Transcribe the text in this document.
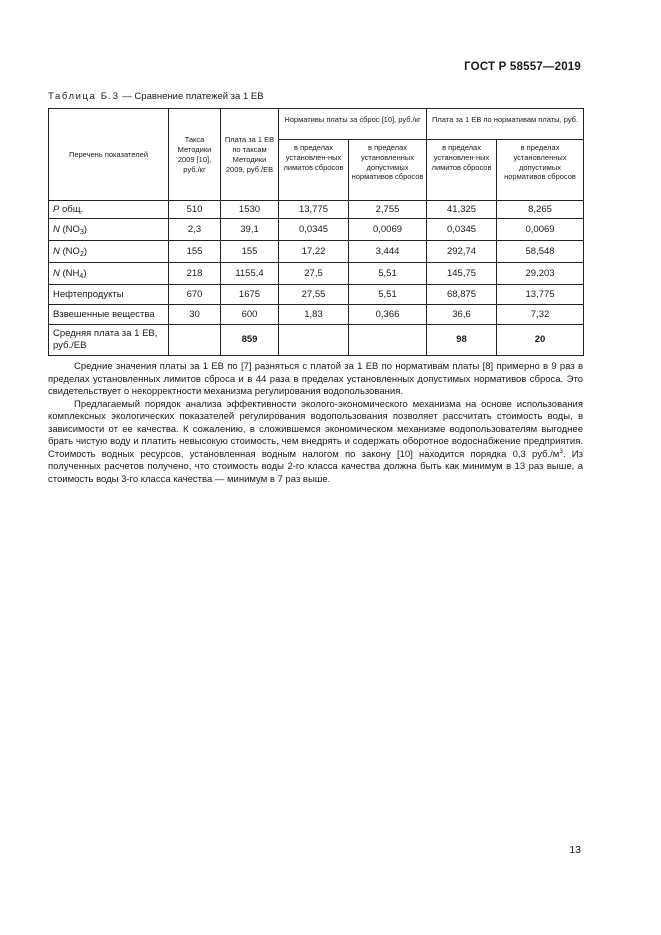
ГОСТ Р 58557—2019
Таблица Б.3 — Сравнение платежей за 1 ЕВ
Перечень показателей	Такса Методики 2009 [10], руб./кг	Плата за 1 ЕВ по таксам Методики 2009, руб./ЕВ	Нормативы платы за сброс [10], руб./кг		Плата за 1 ЕВ по нормативам платы, руб.	
			в пределах установлен-ных лимитов сбросов	в пределах установленных допустимых нормативов сбросов	в пределах установлен-ных лимитов сбросов	в пределах установленных допустимых нормативов сбросов
P общ.	510	1530	13,775	2,755	41,325	8,265
N $(NO_3)$	2,3	39,1	0,0345	0,0069	0,0345	0,0069
N $(NO_2)$	155	155	17,22	3,444	292,74	58,548
N $(NH_4)$	218	1155,4	27,5	5,51	145,75	29,203
Нефтепродукты	670	1675	27,55	5,51	68,875	13,775
Взвешенные вещества	30	600	1,83	0,366	36,6	7,32
Средняя плата за 1 ЕВ, руб./ЕВ		859			98	20

Средние значения платы за 1 ЕВ по [7] разняться с платой за 1 ЕВ по нормативам платы [8] примерно в 9 раз в пределах установленных лимитов сброса и в 44 раза в пределах установленных допустимых нормативов сброса. Это свидетельствует о некорректности механизма регулирования водопользования.

Предлагаемый порядок анализа эффективности эколого-экономического механизма на основе использования комплексных экологических показателей регулирования водопользования позволяет рассчитать стоимость воды, в зависимости от ее качества. К сожалению, в сложившемся экономическом механизме водопользователям выгоднее брать чистую воду и платить невысокую стоимость, чем внедрять и содержать оборотное водоснабжение предприятия. Стоимость водных ресурсов, установленная водным налогом по закону [10] находится порядка 0,3 $руб./м^3$. Из полученных расчетов получено, что стоимость воды 2-го класса качества должна быть как минимум в 13 раз выше, а стоимость воды 3-го класса качества — минимум в 7 раз выше.

13
